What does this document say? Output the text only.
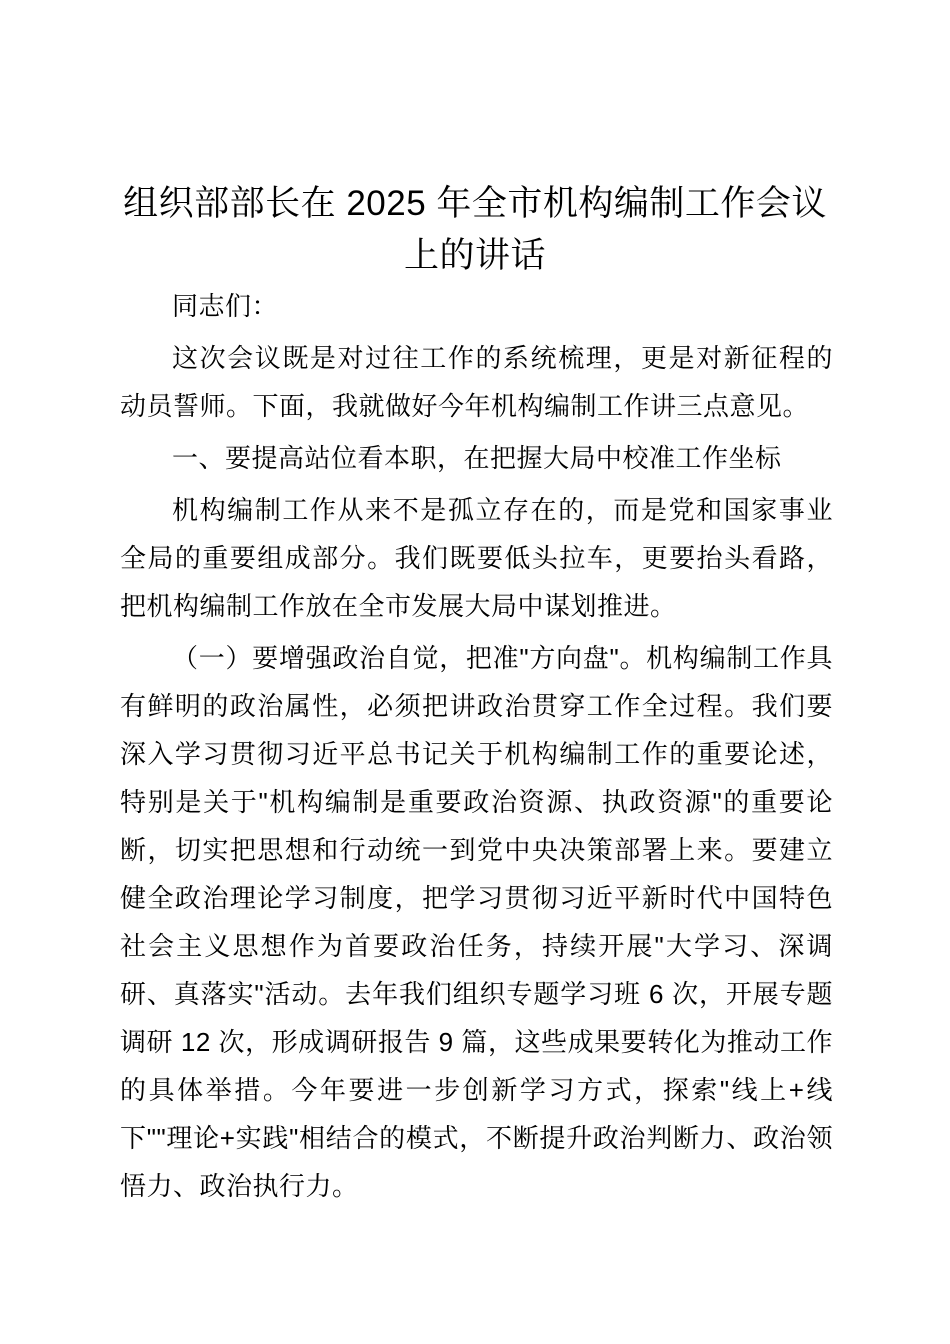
组织部部长在 2025 年全市机构编制工作会议
上的讲话

同志们：

这次会议既是对过往工作的系统梳理，更是对新征程的动员誓师。下面，我就做好今年机构编制工作讲三点意见。

一、要提高站位看本职，在把握大局中校准工作坐标

机构编制工作从来不是孤立存在的，而是党和国家事业全局的重要组成部分。我们既要低头拉车，更要抬头看路，把机构编制工作放在全市发展大局中谋划推进。

（一）要增强政治自觉，把准"方向盘"。机构编制工作具有鲜明的政治属性，必须把讲政治贯穿工作全过程。我们要深入学习贯彻习近平总书记关于机构编制工作的重要论述，特别是关于"机构编制是重要政治资源、执政资源"的重要论断，切实把思想和行动统一到党中央决策部署上来。要建立健全政治理论学习制度，把学习贯彻习近平新时代中国特色社会主义思想作为首要政治任务，持续开展"大学习、深调研、真落实"活动。去年我们组织专题学习班 6 次，开展专题调研 12 次，形成调研报告 9 篇，这些成果要转化为推动工作的具体举措。今年要进一步创新学习方式，探索"线上+线下""理论+实践"相结合的模式，不断提升政治判断力、政治领悟力、政治执行力。
